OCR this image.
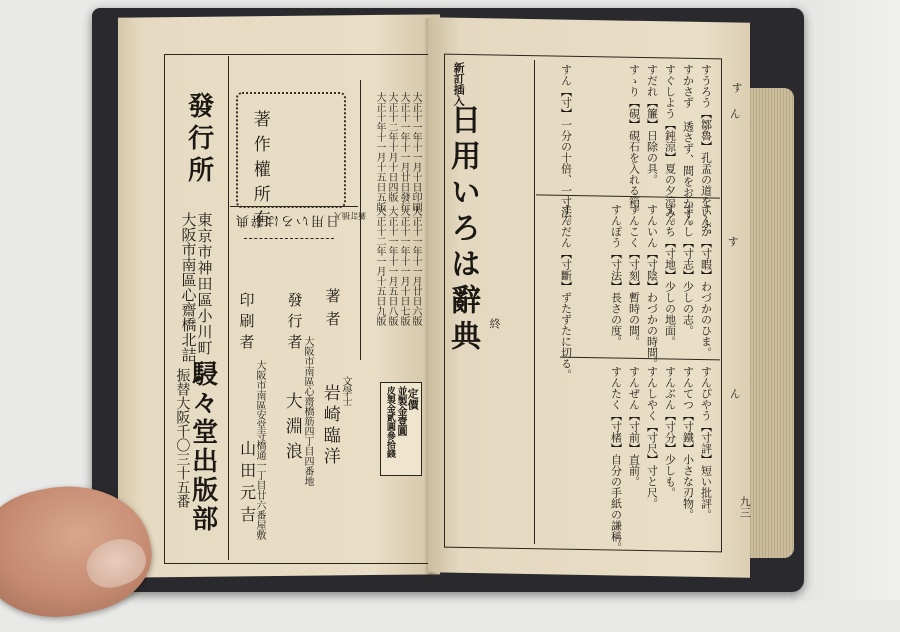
發行所
東京市神田區小川町一
大阪市南區心齋橋北詰
駸々堂出版部
振替大阪千〇三十五番
著作權所有
日用いろは辭典
新訂插入
著者
文學士
岩崎臨洋
發行者
大阪市南區心齋橋筋四丁目四番地
大淵浪
印刷者
大阪市南區安堂寺橋通一丁目廿六番屋敷
山田元吉
大正十一年十一月十日印刷
大正十一年十一月廿日發行
大正十二年十月十日四版
大正十年十一月十五日五版
大正十一年十一月廿日六版
大正十一年十一月十日七版
大正十一年十一月五日八版
大正十二年一月十五日九版
定價
並製金壹圓
皮製金貳圓參拾錢
新訂插入
日用いろは辭典 終
すうろう【鄒魯】孔孟の道をいふ。
すかさず 透さず、間をおかず。
すぐしよう【鈍涼】夏の夕涼み。
すだれ【簾】日除の具。
すゝり【硯】硯石を入れる箱。
すん【寸】一分の十倍、一寸法。
すんか【寸暇】わづかのひま。
すんし【寸志】少しの志。
すんち【寸地】少しの地面。
すんいん【寸陰】わづかの時間。
すんこく【寸刻】暫時の間。
すんぽう【寸法】長さの度。
すんだん【寸斷】ずたずたに切る。
すんぴやう【寸評】短い批評。
すんてつ【寸鐵】小さな刃物。
すんぶん【寸分】少しも。
すんしやく【寸尺】寸と尺。
すんぜん【寸前】直前。
すんたく【寸楮】自分の手紙の謙稱。
す
ん
す
ん
九三
